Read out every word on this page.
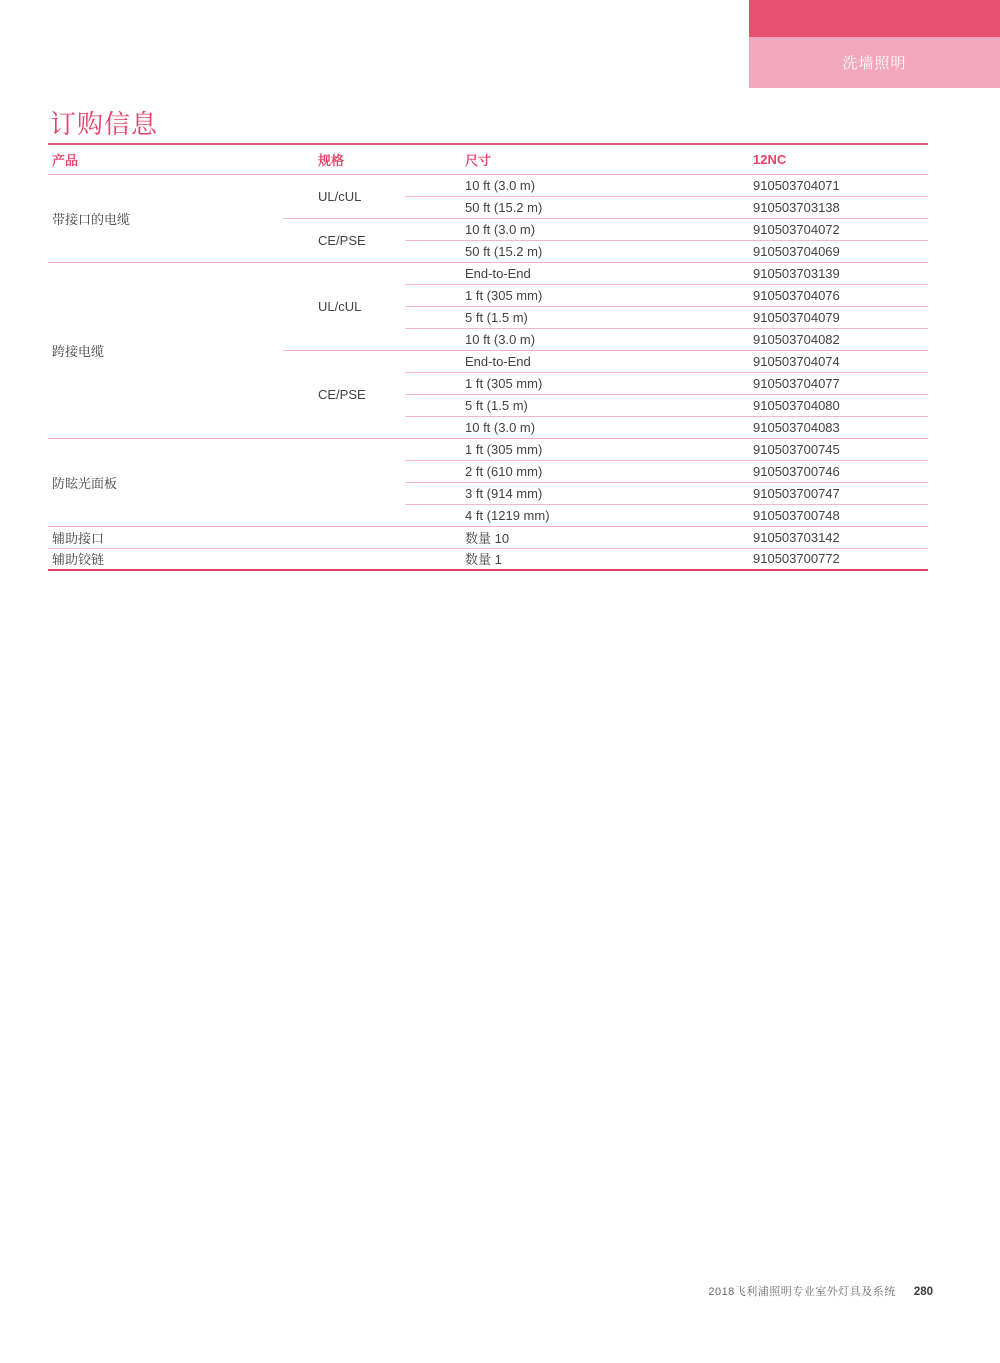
洗墙照明
订购信息
产品	规格	尺寸	12NC
带接口的电缆	UL/cUL	10 ft (3.0 m)	910503704071
		50 ft (15.2 m)	910503703138
	CE/PSE	10 ft (3.0 m)	910503704072
		50 ft (15.2 m)	910503704069
跨接电缆	UL/cUL	End-to-End	910503703139
		1 ft (305 mm)	910503704076
		5 ft (1.5 m)	910503704079
		10 ft (3.0 m)	910503704082
	CE/PSE	End-to-End	910503704074
		1 ft (305 mm)	910503704077
		5 ft (1.5 m)	910503704080
		10 ft (3.0 m)	910503704083
防眩光面板		1 ft (305 mm)	910503700745
		2 ft (610 mm)	910503700746
		3 ft (914 mm)	910503700747
		4 ft (1219 mm)	910503700748
辅助接口		数量 10	910503703142
辅助铰链		数量 1	910503700772
2018飞利浦照明专业室外灯具及系统 280
